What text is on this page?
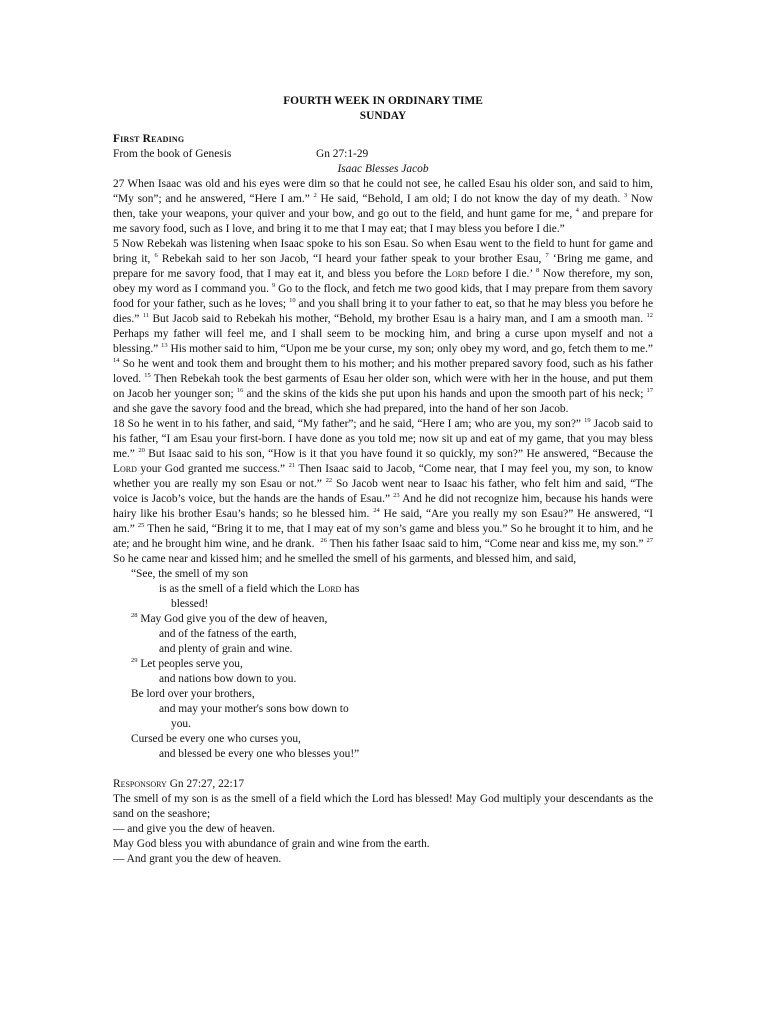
FOURTH WEEK IN ORDINARY TIME
SUNDAY
First Reading
From the book of Genesis	Gn 27:1-29
Isaac Blesses Jacob

27 When Isaac was old and his eyes were dim so that he could not see, he called Esau his older son, and said to him, “My son”; and he answered, “Here I am.” $^2$ He said, “Behold, I am old; I do not know the day of my death. $^3$ Now then, take your weapons, your quiver and your bow, and go out to the field, and hunt game for me, $^4$ and prepare for me savory food, such as I love, and bring it to me that I may eat; that I may bless you before I die.”

5 Now Rebekah was listening when Isaac spoke to his son Esau. So when Esau went to the field to hunt for game and bring it, $^6$ Rebekah said to her son Jacob, “I heard your father speak to your brother Esau, $^7$ ‘Bring me game, and prepare for me savory food, that I may eat it, and bless you before the Lord before I die.’ $^8$ Now therefore, my son, obey my word as I command you. $^9$ Go to the flock, and fetch me two good kids, that I may prepare from them savory food for your father, such as he loves; $^{10}$ and you shall bring it to your father to eat, so that he may bless you before he dies.” $^{11}$ But Jacob said to Rebekah his mother, “Behold, my brother Esau is a hairy man, and I am a smooth man. $^{12}$ Perhaps my father will feel me, and I shall seem to be mocking him, and bring a curse upon myself and not a blessing.” $^{13}$ His mother said to him, “Upon me be your curse, my son; only obey my word, and go, fetch them to me.” $^{14}$ So he went and took them and brought them to his mother; and his mother prepared savory food, such as his father loved. $^{15}$ Then Rebekah took the best garments of Esau her older son, which were with her in the house, and put them on Jacob her younger son; $^{16}$ and the skins of the kids she put upon his hands and upon the smooth part of his neck; $^{17}$ and she gave the savory food and the bread, which she had prepared, into the hand of her son Jacob.

18 So he went in to his father, and said, “My father”; and he said, “Here I am; who are you, my son?” $^{19}$ Jacob said to his father, “I am Esau your first-born. I have done as you told me; now sit up and eat of my game, that you may bless me.” $^{20}$ But Isaac said to his son, “How is it that you have found it so quickly, my son?” He answered, “Because the Lord your God granted me success.” $^{21}$ Then Isaac said to Jacob, “Come near, that I may feel you, my son, to know whether you are really my son Esau or not.” $^{22}$ So Jacob went near to Isaac his father, who felt him and said, “The voice is Jacob’s voice, but the hands are the hands of Esau.” $^{23}$ And he did not recognize him, because his hands were hairy like his brother Esau’s hands; so he blessed him. $^{24}$ He said, “Are you really my son Esau?” He answered, “I am.” $^{25}$ Then he said, “Bring it to me, that I may eat of my son’s game and bless you.” So he brought it to him, and he ate; and he brought him wine, and he drank.  $^{26}$ Then his father Isaac said to him, “Come near and kiss me, my son.” $^{27}$ So he came near and kissed him; and he smelled the smell of his garments, and blessed him, and said,

“See, the smell of my son
is as the smell of a field which the Lord has
blessed!
$^{28}$ May God give you of the dew of heaven,
and of the fatness of the earth,
and plenty of grain and wine.
$^{29}$ Let peoples serve you,
and nations bow down to you.
Be lord over your brothers,
and may your mother's sons bow down to
you.
Cursed be every one who curses you,
and blessed be every one who blesses you!”
Responsory Gn 27:27, 22:17
The smell of my son is as the smell of a field which the Lord has blessed! May God multiply your descendants as the sand on the seashore;
— and give you the dew of heaven.
May God bless you with abundance of grain and wine from the earth.
— And grant you the dew of heaven.
